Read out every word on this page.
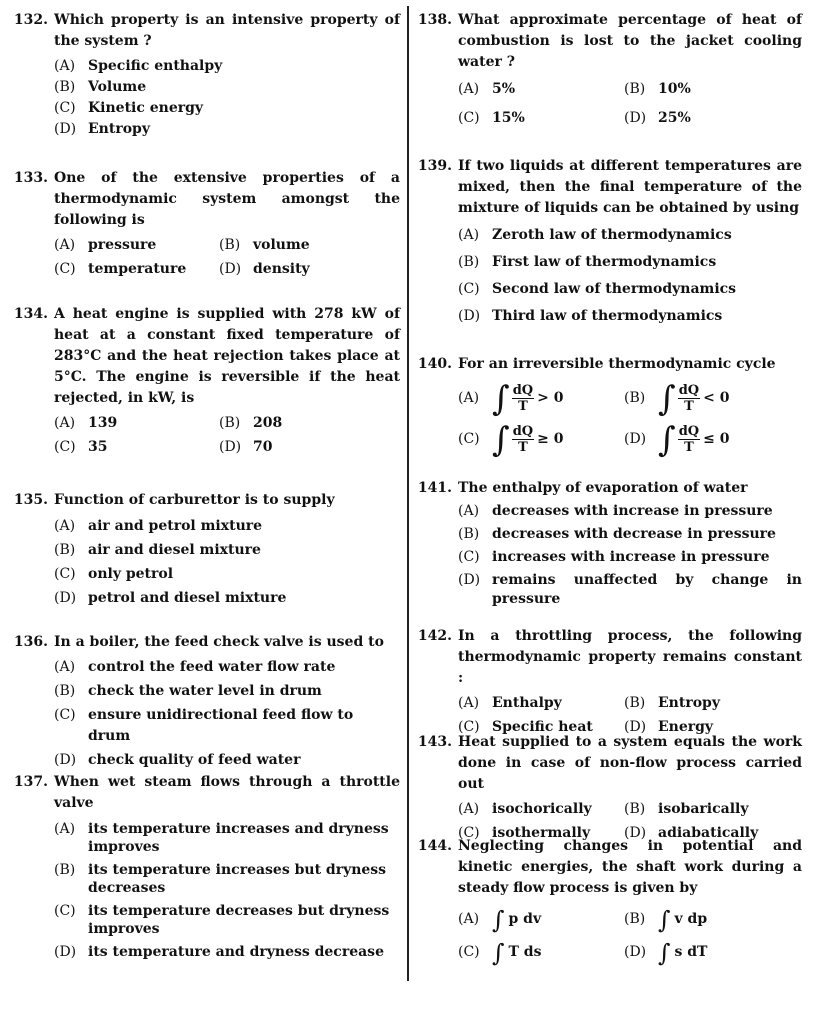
132. Which property is an intensive property of the system ?
(A) Specific enthalpy
(B) Volume
(C) Kinetic energy
(D) Entropy
133. One of the extensive properties of a thermodynamic system amongst the following is
(A) pressure	(B) volume
(C) temperature (D) density
134. A heat engine is supplied with 278 kW of heat at a constant fixed temperature of 283°C and the heat rejection takes place at 5°C. The engine is reversible if the heat rejected, in kW, is
(A) 139	(B) 208
(C) 35	(D) 70
135. Function of carburettor is to supply
(A) air and petrol mixture
(B) air and diesel mixture
(C) only petrol
(D) petrol and diesel mixture
136. In a boiler, the feed check valve is used to
(A) control the feed water flow rate
(B) check the water level in drum
(C) ensure unidirectional feed flow to drum
(D) check quality of feed water
137. When wet steam flows through a throttle valve
(A) its temperature increases and dryness improves
(B) its temperature increases but dryness decreases
(C) its temperature decreases but dryness improves
(D) its temperature and dryness decrease
138. What approximate percentage of heat of combustion is lost to the jacket cooling water ?
(A) 5%	(B) 10%
(C) 15%	(D) 25%
139. If two liquids at different temperatures are mixed, then the final temperature of the mixture of liquids can be obtained by using
(A) Zeroth law of thermodynamics
(B) First law of thermodynamics
(C) Second law of thermodynamics
(D) Third law of thermodynamics
140. For an irreversible thermodynamic cycle
(A) ∫ $\frac{dQ}{T} > 0$	(B) ∫ $\frac{dQ}{T} < 0$
(C) ∫ $\frac{dQ}{T} \ge 0$	(D) ∫ $\frac{dQ}{T} \le 0$
141. The enthalpy of evaporation of water
(A) decreases with increase in pressure
(B) decreases with decrease in pressure
(C) increases with increase in pressure
(D) remains unaffected by change in pressure
142. In a throttling process, the following thermodynamic property remains constant :
(A) Enthalpy	(B) Entropy
(C) Specific heat (D) Energy
143. Heat supplied to a system equals the work done in case of non-flow process carried out
(A) isochorically (B) isobarically
(C) isothermally (D) adiabatically
144. Neglecting changes in potential and kinetic energies, the shaft work during a steady flow process is given by
(A) ∫ p dv	(B) ∫ v dp
(C) ∫ T ds	(D) ∫ s dT
